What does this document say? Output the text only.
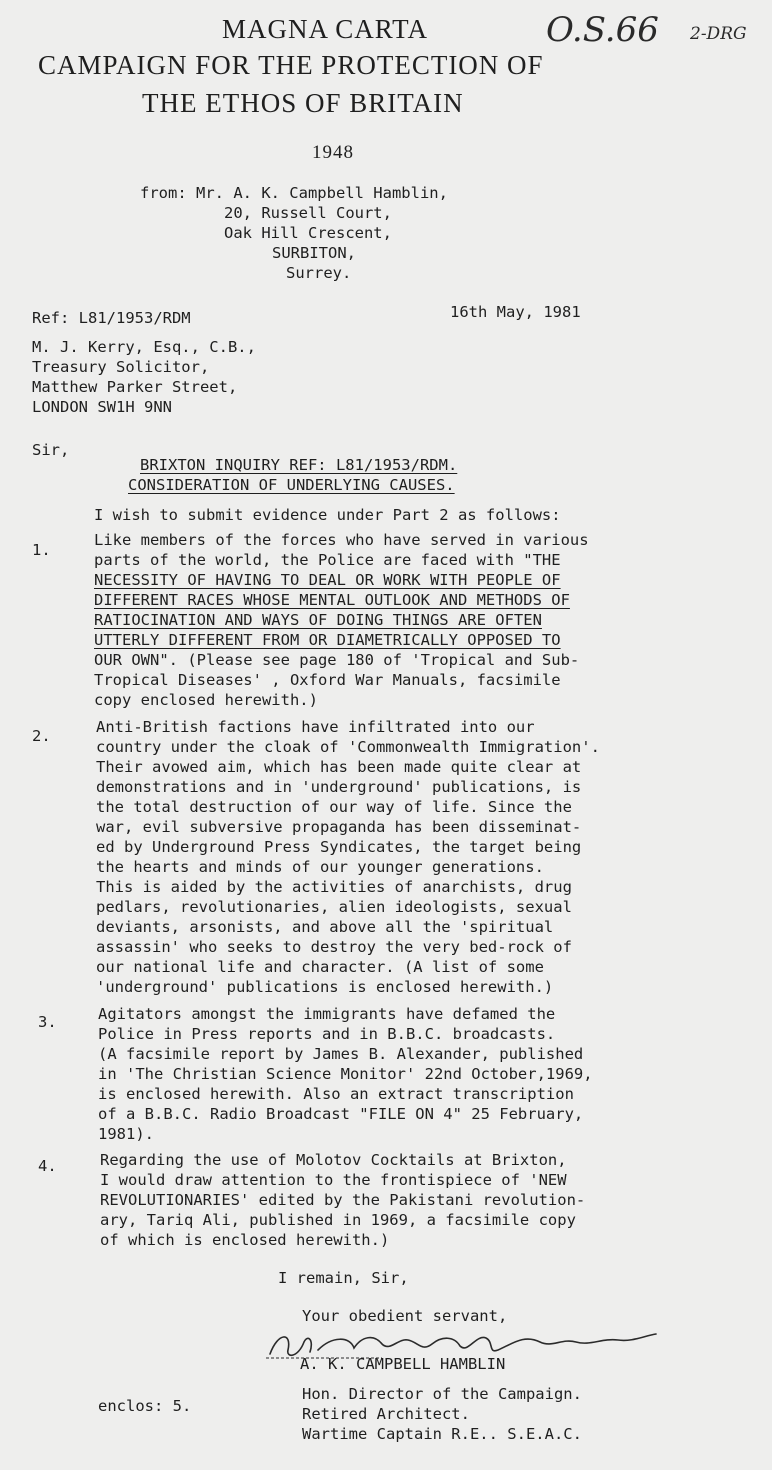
MAGNA CARTA
CAMPAIGN FOR THE PROTECTION OF
THE ETHOS OF BRITAIN
1948
O.S.66 2-DRG
from: Mr. A. K. Campbell Hamblin,
20, Russell Court,
Oak Hill Crescent,
SURBITON,
Surrey.
Ref: L81/1953/RDM	16th May, 1981
M. J. Kerry, Esq., C.B.,
Treasury Solicitor,
Matthew Parker Street,
LONDON SW1H 9NN
Sir,
BRIXTON INQUIRY REF: L81/1953/RDM.
CONSIDERATION OF UNDERLYING CAUSES.
I wish to submit evidence under Part 2 as follows:
1.
Like members of the forces who have served in various
parts of the world, the Police are faced with "THE
NECESSITY OF HAVING TO DEAL OR WORK WITH PEOPLE OF
DIFFERENT RACES WHOSE MENTAL OUTLOOK AND METHODS OF
RATIOCINATION AND WAYS OF DOING THINGS ARE OFTEN
UTTERLY DIFFERENT FROM OR DIAMETRICALLY OPPOSED TO
OUR OWN". (Please see page 180 of 'Tropical and Sub-
Tropical Diseases' , Oxford War Manuals, facsimile
copy enclosed herewith.)
2.	Anti-British factions have infiltrated into our
country under the cloak of 'Commonwealth Immigration'.
Their avowed aim, which has been made quite clear at
demonstrations and in 'underground' publications, is
the total destruction of our way of life. Since the
war, evil subversive propaganda has been disseminat-
ed by Underground Press Syndicates, the target being
the hearts and minds of our younger generations.
This is aided by the activities of anarchists, drug
pedlars, revolutionaries, alien ideologists, sexual
deviants, arsonists, and above all the 'spiritual
assassin' who seeks to destroy the very bed-rock of
our national life and character. (A list of some
'underground' publications is enclosed herewith.)
3.	Agitators amongst the immigrants have defamed the
Police in Press reports and in B.B.C. broadcasts.
(A facsimile report by James B. Alexander, published
in 'The Christian Science Monitor' 22nd October,1969,
is enclosed herewith. Also an extract transcription
of a B.B.C. Radio Broadcast "FILE ON 4" 25 February,
1981).
4.	Regarding the use of Molotov Cocktails at Brixton,
I would draw attention to the frontispiece of 'NEW
REVOLUTIONARIES' edited by the Pakistani revolution-
ary, Tariq Ali, published in 1969, a facsimile copy
of which is enclosed herewith.)
I remain, Sir,
Your obedient servant,
A. K. CAMPBELL HAMBLIN
enclos: 5.
Hon. Director of the Campaign.
Retired Architect.
Wartime Captain R.E.. S.E.A.C.
